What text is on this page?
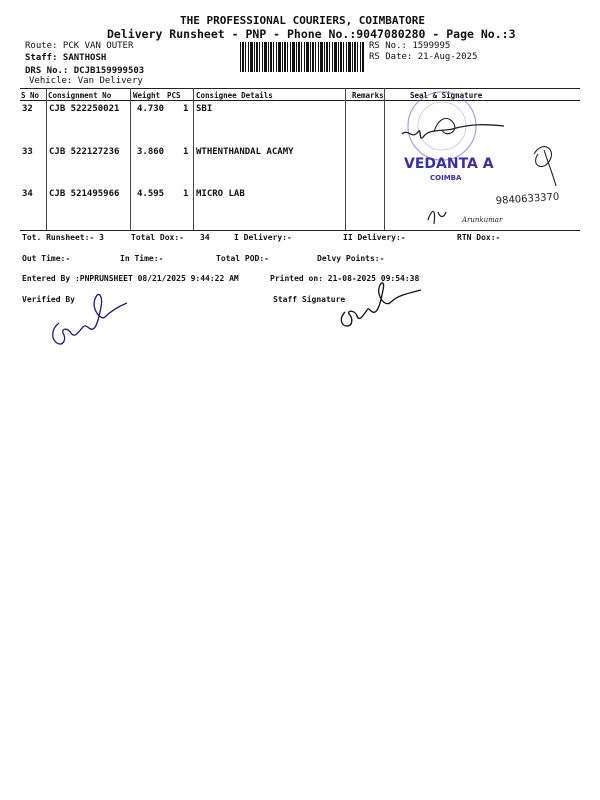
THE PROFESSIONAL COURIERS, COIMBATORE
Delivery Runsheet - PNP - Phone No.:9047080280 - Page No.:3
Route: PCK VAN OUTER
Staff: SANTHOSH
DRS No.: DCJB159999503
Vehicle: Van Delivery
RS No.: 1599995
RS Date: 21-Aug-2025
S No Consignment No	Weight PCS Consignee Details	Remarks	Seal & Signature
32 CJB 522250021 4.730 1 SBI
33 CJB 522127236 3.860 1 WTHENTHANDAL ACAMY
34 CJB 521495966 4.595 1 MICRO LAB
VEDANTA A
COIMBA
9840633370
Arunkumar
Tot. Runsheet:- 3	Total Dox:- 34	I Delivery:-	II Delivery:-	RTN Dox:-
Out Time:-	In Time:-	Total POD:-	Delvy Points:-
Entered By :PNPRUNSHEET 08/21/2025 9:44:22 AM	Printed on: 21-08-2025 09:54:38
Verified By	Staff Signature
